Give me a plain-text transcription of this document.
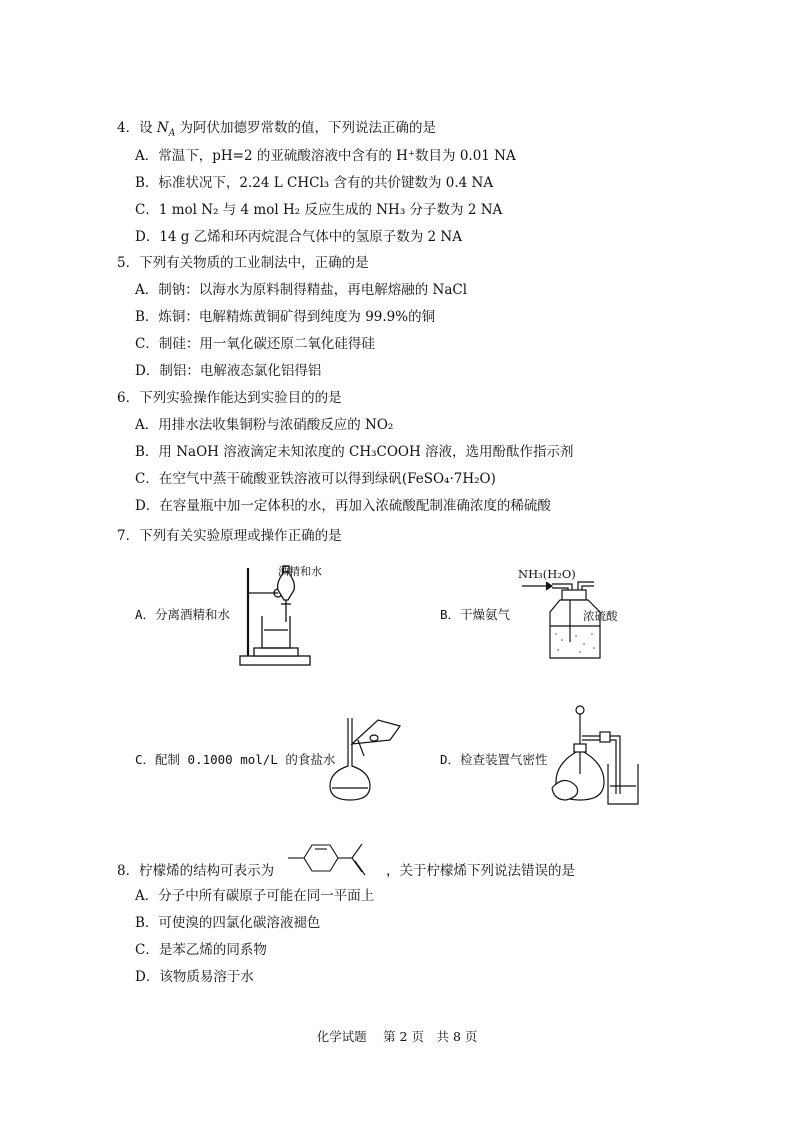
4．设 $N_A$ 为阿伏加德罗常数的值，下列说法正确的是
A．常温下，pH=2 的亚硫酸溶液中含有的 H⁺数目为 0.01 NA
B．标准状况下，2.24 L CHCl₃ 含有的共价键数为 0.4 NA
C．1 mol N₂ 与 4 mol H₂ 反应生成的 NH₃ 分子数为 2 NA
D．14 g 乙烯和环丙烷混合气体中的氢原子数为 2 NA
5．下列有关物质的工业制法中，正确的是
A．制钠：以海水为原料制得精盐，再电解熔融的 NaCl
B．炼铜：电解精炼黄铜矿得到纯度为 99.9%的铜
C．制硅：用一氧化碳还原二氧化硅得硅
D．制铝：电解液态氯化铝得铝
6．下列实验操作能达到实验目的的是
A．用排水法收集铜粉与浓硝酸反应的 NO₂
B．用 NaOH 溶液滴定未知浓度的 CH₃COOH 溶液，选用酚酞作指示剂
C．在空气中蒸干硫酸亚铁溶液可以得到绿矾(FeSO₄·7H₂O)
D．在容量瓶中加一定体积的水，再加入浓硫酸配制准确浓度的稀硫酸
7．下列有关实验原理或操作正确的是
A．分离酒精和水	B．干燥氨气
C．配制 0.1000 mol/L 的食盐水	D．检查装置气密性
酒精和水	NH₃(H₂O)
浓硫酸
8．柠檬烯的结构可表示为	，关于柠檬烯下列说法错误的是
A．分子中所有碳原子可能在同一平面上
B．可使溴的四氯化碳溶液褪色
C．是苯乙烯的同系物
D．该物质易溶于水
化学试题　 第 2 页　共 8 页
